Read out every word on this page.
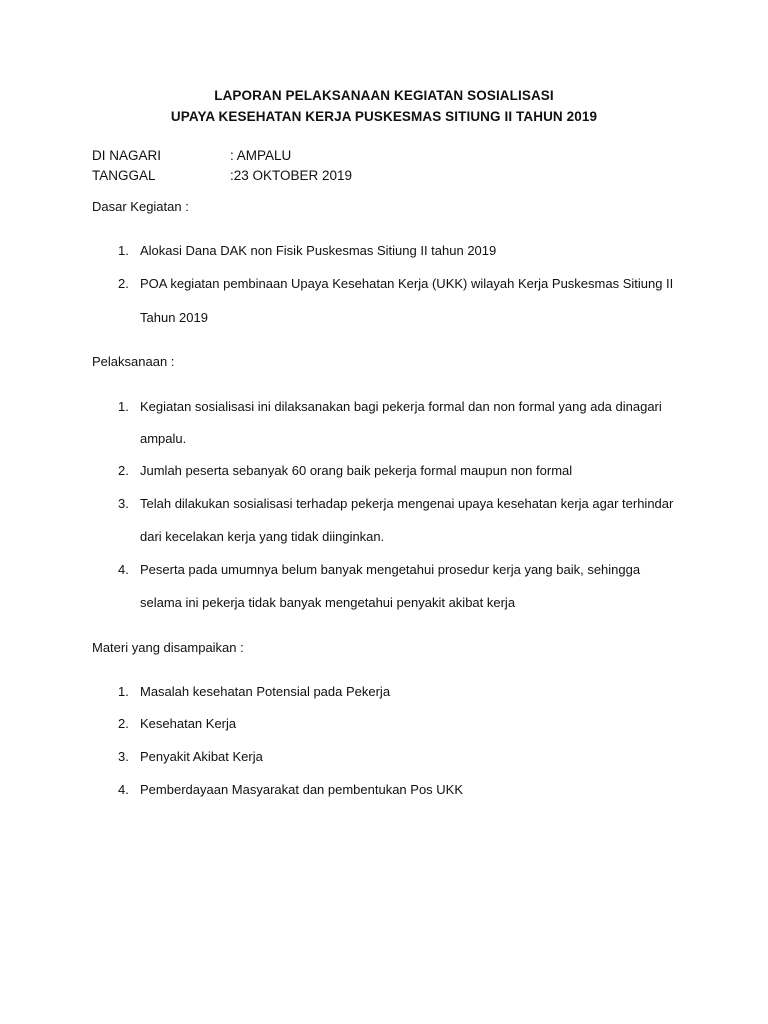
LAPORAN PELAKSANAAN KEGIATAN SOSIALISASI
UPAYA KESEHATAN KERJA PUSKESMAS SITIUNG II TAHUN 2019
DI NAGARI	: AMPALU
TANGGAL	:23 OKTOBER 2019
Dasar Kegiatan :
1. Alokasi Dana DAK non Fisik Puskesmas Sitiung II tahun 2019
2. POA kegiatan pembinaan Upaya Kesehatan Kerja (UKK) wilayah Kerja Puskesmas Sitiung II
Tahun 2019
Pelaksanaan :
1. Kegiatan sosialisasi ini dilaksanakan bagi pekerja formal dan non formal yang ada dinagari
ampalu.
2. Jumlah peserta sebanyak 60 orang baik pekerja formal maupun non formal
3. Telah dilakukan sosialisasi terhadap pekerja mengenai upaya kesehatan kerja agar terhindar
dari kecelakan kerja yang tidak diinginkan.
4. Peserta pada umumnya belum banyak mengetahui prosedur kerja yang baik, sehingga
selama ini pekerja tidak banyak mengetahui penyakit akibat kerja
Materi yang disampaikan :
1. Masalah kesehatan Potensial pada Pekerja
2. Kesehatan Kerja
3. Penyakit Akibat Kerja
4. Pemberdayaan Masyarakat dan pembentukan Pos UKK
